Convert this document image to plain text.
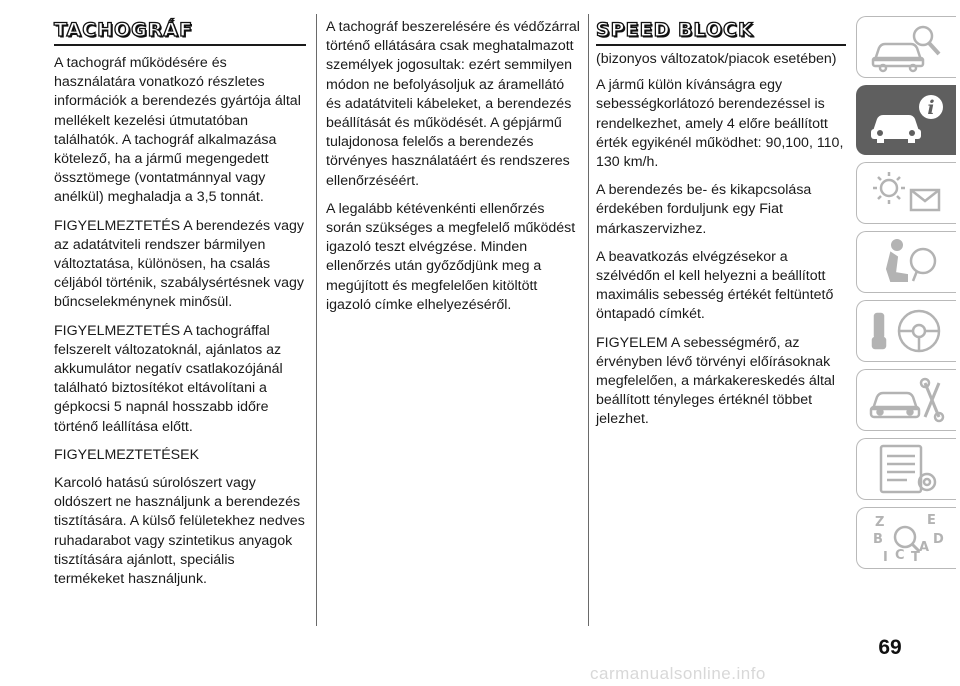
TACHOGRÁF

A tachográf működésére és használatára vonatkozó részletes információk a berendezés gyártója által mellékelt kezelési útmutatóban találhatók. A tachográf alkalmazása kötelező, ha a jármű megengedett össztömege (vontatmánnyal vagy anélkül) meghaladja a 3,5 tonnát.

FIGYELMEZTETÉS A berendezés vagy az adatátviteli rendszer bármilyen változtatása, különösen, ha csalás céljából történik, szabálysértésnek vagy bűncselekménynek minősül.

FIGYELMEZTETÉS A tachográffal felszerelt változatoknál, ajánlatos az akkumulátor negatív csatlakozójánál található biztosítékot eltávolítani a gépkocsi 5 napnál hosszabb időre történő leállítása előtt.

FIGYELMEZTETÉSEK

Karcoló hatású súrolószert vagy oldószert ne használjunk a berendezés tisztítására. A külső felületekhez nedves ruhadarabot vagy szintetikus anyagok tisztítására ajánlott, speciális termékeket használjunk.

A tachográf beszerelésére és védőzárral történő ellátására csak meghatalmazott személyek jogosultak: ezért semmilyen módon ne befolyásoljuk az áramellátó és adatátviteli kábeleket, a berendezés beállítását és működését. A gépjármű tulajdonosa felelős a berendezés törvényes használatáért és rendszeres ellenőrzéséért.

A legalább kétévenkénti ellenőrzés során szükséges a megfelelő működést igazoló teszt elvégzése. Minden ellenőrzés után győződjünk meg a megújított és megfelelően kitöltött igazoló címke elhelyezéséről.

SPEED BLOCK

(bizonyos változatok/piacok esetében)

A jármű külön kívánságra egy sebességkorlátozó berendezéssel is rendelkezhet, amely 4 előre beállított érték egyikénél működhet: 90,100, 110, 130 km/h.

A berendezés be- és kikapcsolása érdekében forduljunk egy Fiat márkaszervizhez.

A beavatkozás elvégzésekor a szélvédőn el kell helyezni a beállított maximális sebesség értékét feltüntető öntapadó címkét.

FIGYELEM A sebességmérő, az érvényben lévő törvényi előírásoknak megfelelően, a márkakereskedés által beállított tényleges értéknél többet jelezhet.

i
Z	E
B	D
I C T
A
69
carmanualsonline.info
